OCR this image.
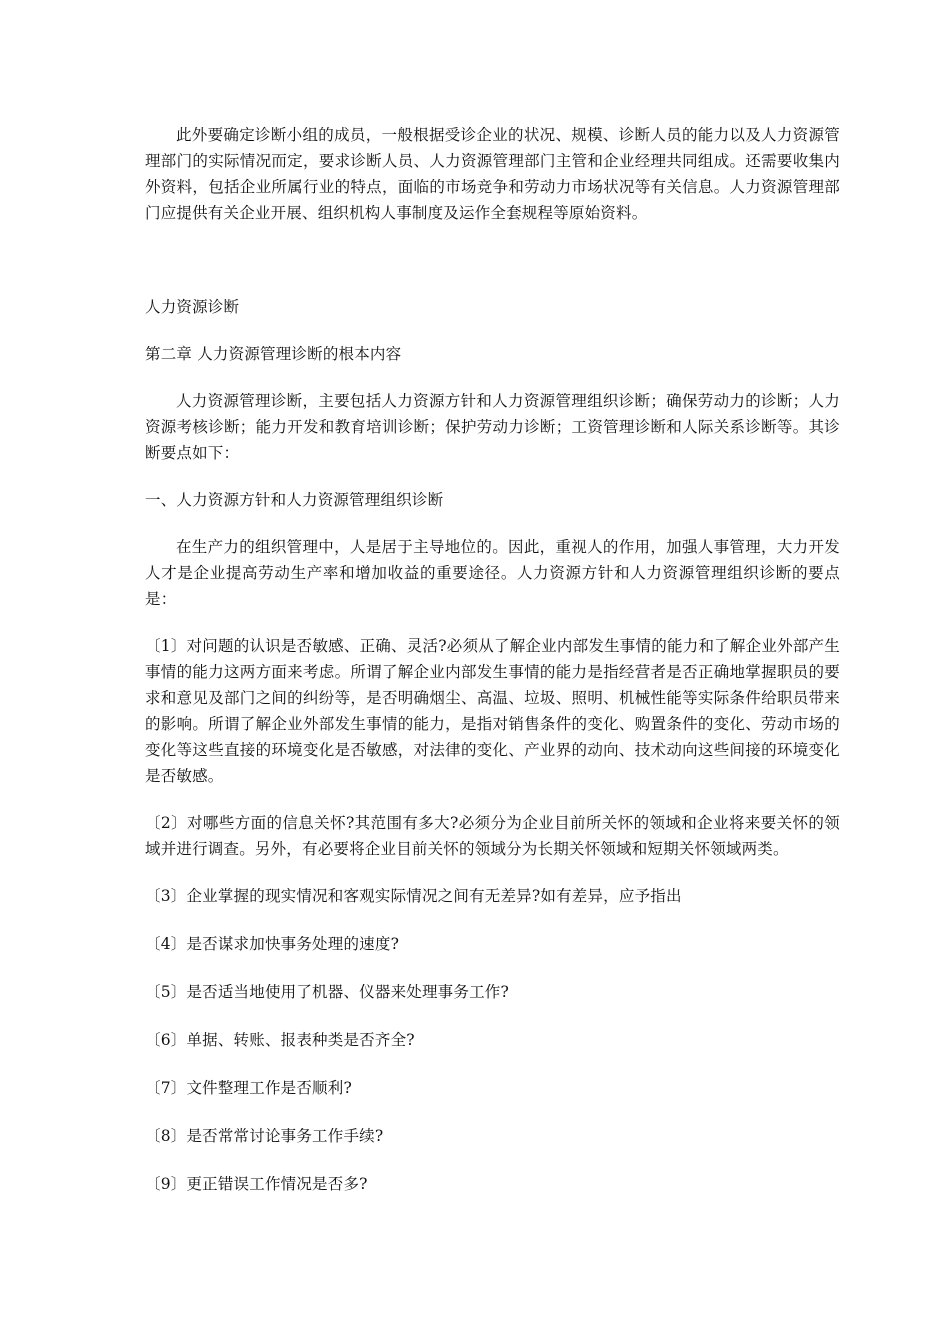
此外要确定诊断小组的成员，一般根据受诊企业的状况、规模、诊断人员的能力以及人力资源管理部门的实际情况而定，要求诊断人员、人力资源管理部门主管和企业经理共同组成。还需要收集内外资料，包括企业所属行业的特点，面临的市场竞争和劳动力市场状况等有关信息。人力资源管理部门应提供有关企业开展、组织机构人事制度及运作全套规程等原始资料。

人力资源诊断

第二章 人力资源管理诊断的根本内容

人力资源管理诊断，主要包括人力资源方针和人力资源管理组织诊断；确保劳动力的诊断；人力资源考核诊断；能力开发和教育培训诊断；保护劳动力诊断；工资管理诊断和人际关系诊断等。其诊断要点如下：

一、人力资源方针和人力资源管理组织诊断

在生产力的组织管理中，人是居于主导地位的。因此，重视人的作用，加强人事管理，大力开发人才是企业提高劳动生产率和增加收益的重要途径。人力资源方针和人力资源管理组织诊断的要点是：

〔1〕对问题的认识是否敏感、正确、灵活?必须从了解企业内部发生事情的能力和了解企业外部产生事情的能力这两方面来考虑。所谓了解企业内部发生事情的能力是指经营者是否正确地掌握职员的要求和意见及部门之间的纠纷等，是否明确烟尘、高温、垃圾、照明、机械性能等实际条件给职员带来的影响。所谓了解企业外部发生事情的能力，是指对销售条件的变化、购置条件的变化、劳动市场的变化等这些直接的环境变化是否敏感，对法律的变化、产业界的动向、技术动向这些间接的环境变化是否敏感。

〔2〕对哪些方面的信息关怀?其范围有多大?必须分为企业目前所关怀的领域和企业将来要关怀的领域并进行调查。另外，有必要将企业目前关怀的领域分为长期关怀领域和短期关怀领域两类。

〔3〕企业掌握的现实情况和客观实际情况之间有无差异?如有差异，应予指出

〔4〕是否谋求加快事务处理的速度?

〔5〕是否适当地使用了机器、仪器来处理事务工作?

〔6〕单据、转账、报表种类是否齐全?

〔7〕文件整理工作是否顺利?

〔8〕是否常常讨论事务工作手续?

〔9〕更正错误工作情况是否多?
